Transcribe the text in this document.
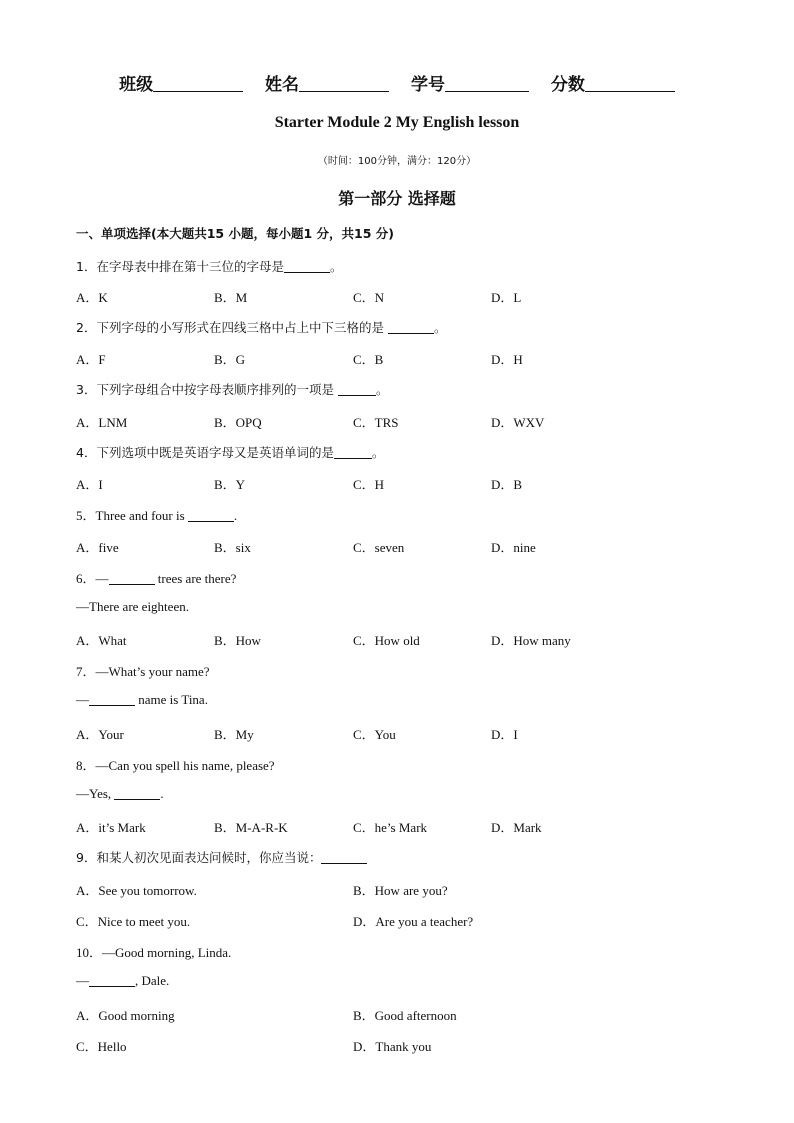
班级	姓名	学号	分数
Starter Module 2 My English lesson
（时间：100分钟，满分：120分）
第一部分 选择题
一、单项选择(本大题共15 小题，每小题1 分，共15 分)
1．在字母表中排在第十三位的字母是	。
A．K	B．M	C．N	D．L
2．下列字母的小写形式在四线三格中占上中下三格的是	。
A．F	B．G	C．B	D．H
3．下列字母组合中按字母表顺序排列的一项是	。
A．LNM	B．OPQ	C．TRS	D．WXV
4．下列选项中既是英语字母又是英语单词的是	。
A．I	B．Y	C．H	D．B
5．Three and four is	.
A．five	B．six	C．seven	D．nine
6．—	trees are there?
—There are eighteen.
A．What	B．How	C．How old	D．How many
7．—What’s your name?
—	name is Tina.
A．Your	B．My	C．You	D．I
8．—Can you spell his name, please?
—Yes,	.
A．it’s Mark	B．M-A-R-K	C．he’s Mark	D．Mark
9．和某人初次见面表达问候时，你应当说：
A．See you tomorrow.	B．How are you?
C．Nice to meet you.	D．Are you a teacher?
10．—Good morning, Linda.
—	, Dale.
A．Good morning	B．Good afternoon
C．Hello	D．Thank you
